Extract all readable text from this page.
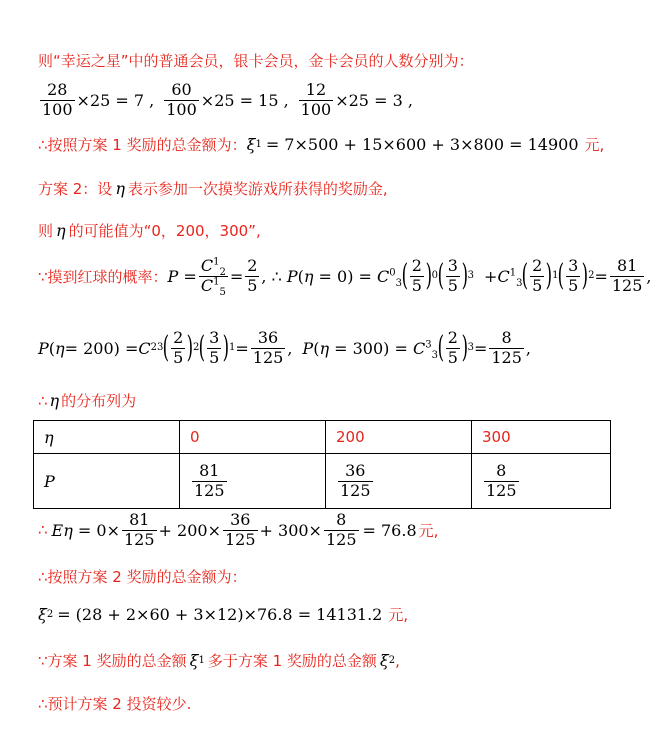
则“幸运之星”中的普通会员，银卡会员，金卡会员的人数分别为：
$\frac{28}{100} \times 25 = 7$ , $\frac{60}{100} \times 25 = 15$ , $\frac{12}{100} \times 25 = 3$ ,
∴按照方案 1 奖励的总金额为： ξ 1 = 7×500 + 15×600 + 3×800 = 14900 元,
方案 2：设 η 表示参加一次摸奖游戏所获得的奖励金,
则 η 的可能值为“0，200，300”,
∵摸到红球的概率： $P = \frac{C^1_2}{C^1_5} = \frac{2}{5}$ , ∴ $P(\eta = 0) = C^0_3$ ( $\frac{2}{5}$ ) 0 ( $\frac{3}{5}$ ) $3 +C^1_3$ ( $\frac{2}{5}$ ) 1 ( $\frac{3}{5}$ ) $2 = \frac{81}{125}$ ,
P ( η = 200) = C 2 3 ( $\frac{2}{5}$ ) 2 ( $\frac{3}{5}$ ) $1 = \frac{36}{125}$ , $P(\eta = 300) = C^3_3$ ( $\frac{2}{5}$ ) $3 = \frac{8}{125}$ ,
∴ η 的分布列为
η	0	200	300
P	$\frac{81}{125}$	$\frac{36}{125}$	$\frac{8}{125}$
∴ $E\eta = 0\times \frac{81}{125} + 200\times \frac{36}{125} + 300\times \frac{8}{125} = 76.8$ 元,
∴按照方案 2 奖励的总金额为：
ξ 2 = (28 + 2×60 + 3×12)×76.8 = 14131.2 元,
∵方案 1 奖励的总金额 ξ 1 多于方案 1 奖励的总金额 ξ 2 ,
∴预计方案 2 投资较少.
